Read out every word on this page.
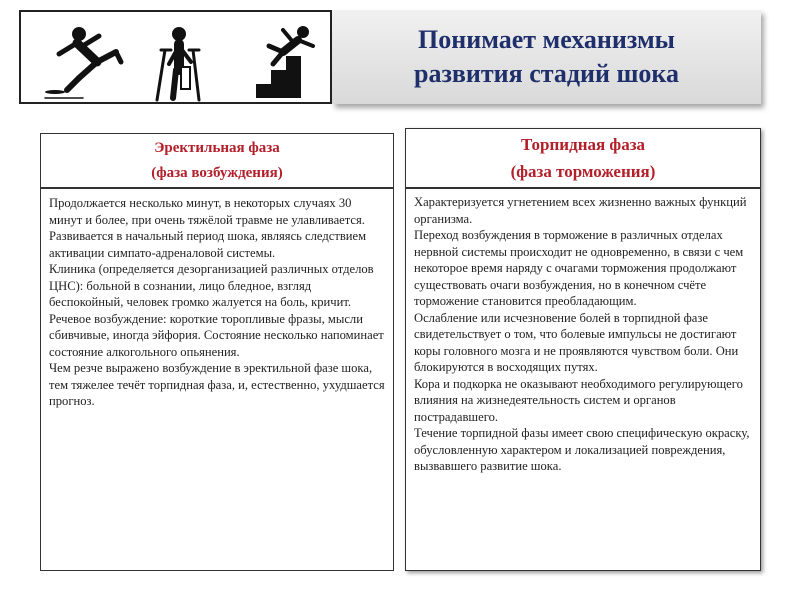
Понимает механизмы
развития стадий шока
Эректильная фаза
(фаза возбуждения)

Продолжается несколько минут, в некоторых случаях 30 минут и более, при очень тяжёлой травме не улавливается. Развивается в начальный период шока, являясь следствием активации симпато-адреналовой системы.

Клиника (определяется дезорганизацией различных отделов ЦНС): больной в сознании, лицо бледное, взгляд беспокойный, человек громко жалуется на боль, кричит. Речевое возбуждение: короткие торопливые фразы, мысли сбивчивые, иногда эйфория. Состояние несколько напоминает состояние алкогольного опьянения.

Чем резче выражено возбуждение в эректильной фазе шока, тем тяжелее течёт торпидная фаза, и, естественно, ухудшается прогноз.

Торпидная фаза
(фаза торможения)

Характеризуется угнетением всех жизненно важных функций организма.

Переход возбуждения в торможение в различных отделах нервной системы происходит не одновременно, в связи с чем некоторое время наряду с очагами торможения продолжают существовать очаги возбуждения, но в конечном счёте торможение становится преобладающим.

Ослабление или исчезновение болей в торпидной фазе свидетельствует о том, что болевые импульсы не достигают коры головного мозга и не проявляются чувством боли. Они блокируются в восходящих путях.

Кора и подкорка не оказывают необходимого регулирующего влияния на жизнедеятельность систем и органов пострадавшего.

Течение торпидной фазы имеет свою специфическую окраску, обусловленную характером и локализацией повреждения, вызвавшего развитие шока.
